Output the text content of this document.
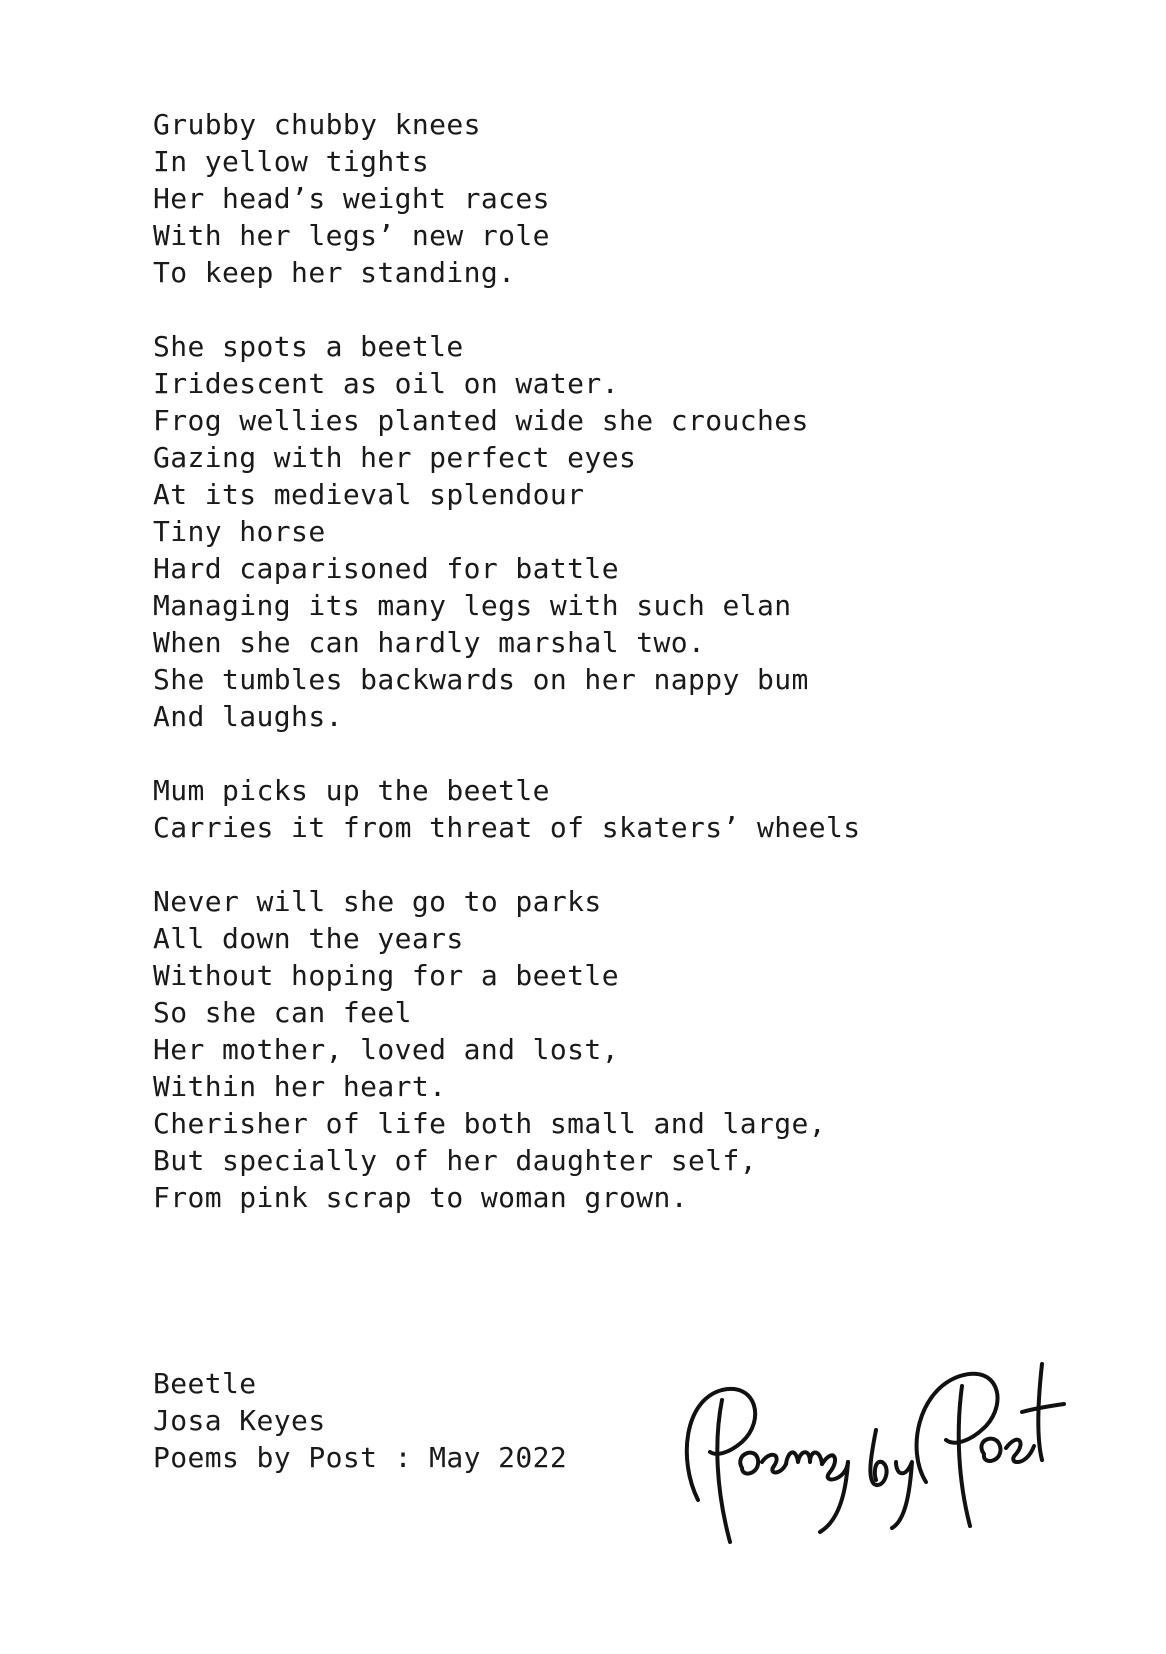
Grubby chubby knees
In yellow tights
Her head’s weight races
With her legs’ new role
To keep her standing.
She spots a beetle
Iridescent as oil on water.
Frog wellies planted wide she crouches
Gazing with her perfect eyes
At its medieval splendour
Tiny horse
Hard caparisoned for battle
Managing its many legs with such elan
When she can hardly marshal two.
She tumbles backwards on her nappy bum
And laughs.
Mum picks up the beetle
Carries it from threat of skaters’ wheels
Never will she go to parks
All down the years
Without hoping for a beetle
So she can feel
Her mother, loved and lost,
Within her heart.
Cherisher of life both small and large,
But specially of her daughter self,
From pink scrap to woman grown.
Beetle
Josa Keyes
Poems by Post : May 2022
